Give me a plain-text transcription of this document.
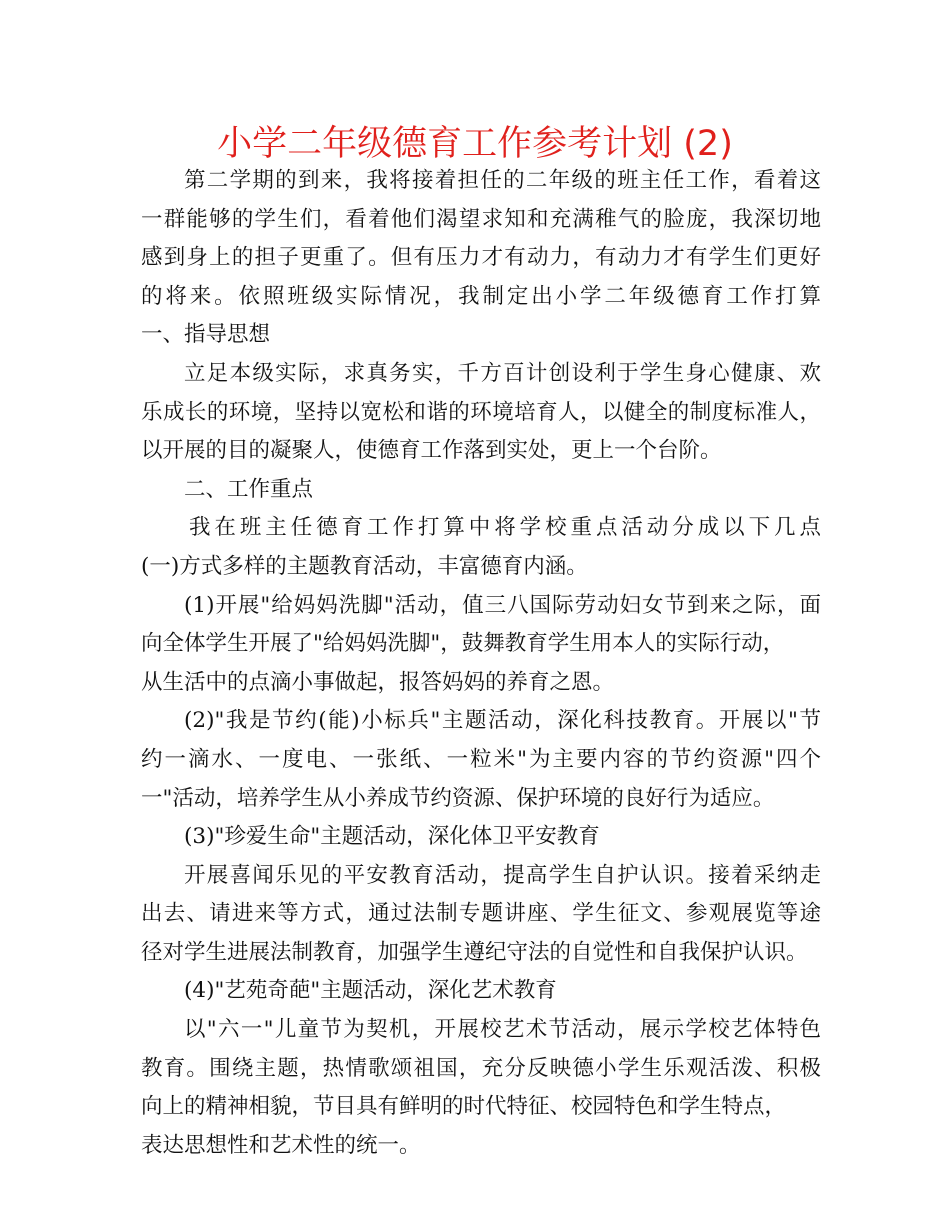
小学二年级德育工作参考计划 (2)
第二学期的到来，我将接着担任的二年级的班主任工作，看着这
一群能够的学生们，看着他们渴望求知和充满稚气的脸庞，我深切地
感到身上的担子更重了。但有压力才有动力，有动力才有学生们更好
的将来。依照班级实际情况，我制定出小学二年级德育工作打算
一、指导思想
立足本级实际，求真务实，千方百计创设利于学生身心健康、欢
乐成长的环境，坚持以宽松和谐的环境培育人，以健全的制度标准人，
以开展的目的凝聚人，使德育工作落到实处，更上一个台阶。
二、工作重点
我在班主任德育工作打算中将学校重点活动分成以下几点
(一)方式多样的主题教育活动，丰富德育内涵。
(1)开展"给妈妈洗脚"活动，值三八国际劳动妇女节到来之际，面
向全体学生开展了"给妈妈洗脚"，鼓舞教育学生用本人的实际行动，
从生活中的点滴小事做起，报答妈妈的养育之恩。
(2)"我是节约(能)小标兵"主题活动，深化科技教育。开展以"节
约一滴水、一度电、一张纸、一粒米"为主要内容的节约资源"四个
一"活动，培养学生从小养成节约资源、保护环境的良好行为适应。
(3)"珍爱生命"主题活动，深化体卫平安教育
开展喜闻乐见的平安教育活动，提高学生自护认识。接着采纳走
出去、请进来等方式，通过法制专题讲座、学生征文、参观展览等途
径对学生进展法制教育，加强学生遵纪守法的自觉性和自我保护认识。
(4)"艺苑奇葩"主题活动，深化艺术教育
以"六一"儿童节为契机，开展校艺术节活动，展示学校艺体特色
教育。围绕主题，热情歌颂祖国，充分反映德小学生乐观活泼、积极
向上的精神相貌，节目具有鲜明的时代特征、校园特色和学生特点，
表达思想性和艺术性的统一。
